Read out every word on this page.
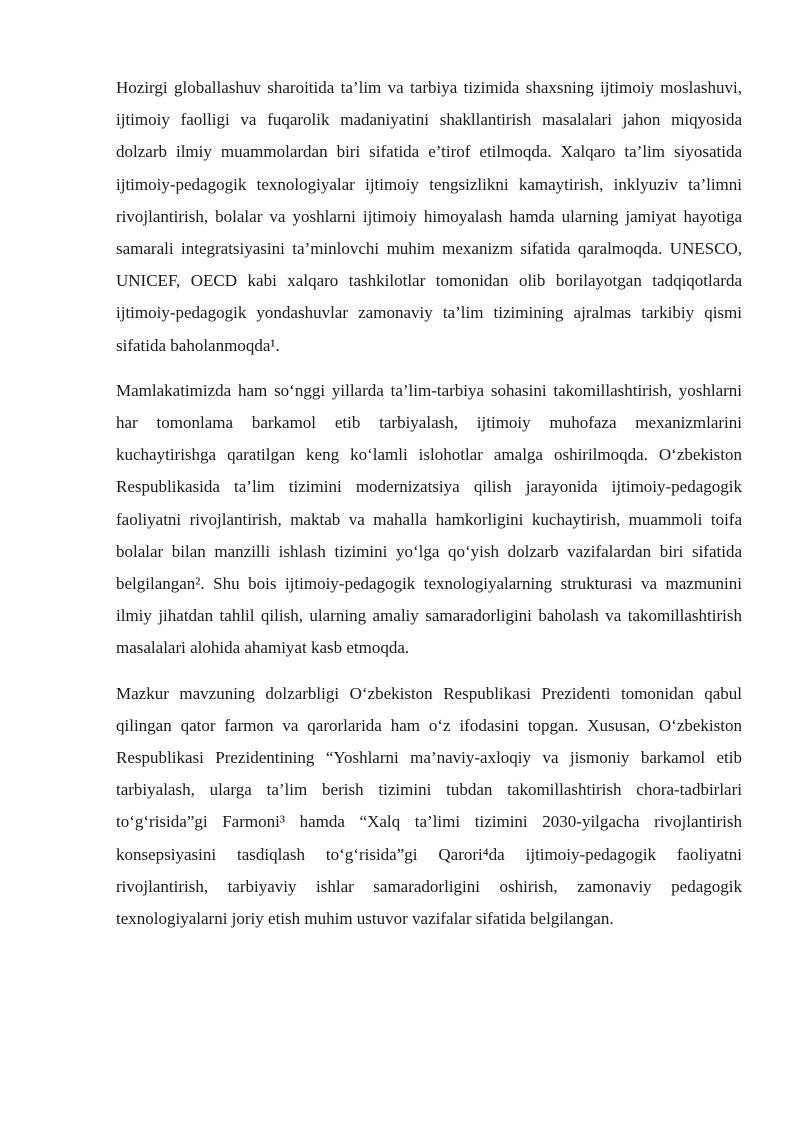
Hozirgi globallashuv sharoitida ta’lim va tarbiya tizimida shaxsning ijtimoiy moslashuvi, ijtimoiy faolligi va fuqarolik madaniyatini shakllantirish masalalari jahon miqyosida dolzarb ilmiy muammolardan biri sifatida e’tirof etilmoqda. Xalqaro ta’lim siyosatida ijtimoiy-pedagogik texnologiyalar ijtimoiy tengsizlikni kamaytirish, inklyuziv ta’limni rivojlantirish, bolalar va yoshlarni ijtimoiy himoyalash hamda ularning jamiyat hayotiga samarali integratsiyasini ta’minlovchi muhim mexanizm sifatida qaralmoqda. UNESCO, UNICEF, OECD kabi xalqaro tashkilotlar tomonidan olib borilayotgan tadqiqotlarda ijtimoiy-pedagogik yondashuvlar zamonaviy ta’lim tizimining ajralmas tarkibiy qismi sifatida baholanmoqda¹.

Mamlakatimizda ham so‘nggi yillarda ta’lim-tarbiya sohasini takomillashtirish, yoshlarni har tomonlama barkamol etib tarbiyalash, ijtimoiy muhofaza mexanizmlarini kuchaytirishga qaratilgan keng ko‘lamli islohotlar amalga oshirilmoqda. O‘zbekiston Respublikasida ta’lim tizimini modernizatsiya qilish jarayonida ijtimoiy-pedagogik faoliyatni rivojlantirish, maktab va mahalla hamkorligini kuchaytirish, muammoli toifa bolalar bilan manzilli ishlash tizimini yo‘lga qo‘yish dolzarb vazifalardan biri sifatida belgilangan². Shu bois ijtimoiy-pedagogik texnologiyalarning strukturasi va mazmunini ilmiy jihatdan tahlil qilish, ularning amaliy samaradorligini baholash va takomillashtirish masalalari alohida ahamiyat kasb etmoqda.

Mazkur mavzuning dolzarbligi O‘zbekiston Respublikasi Prezidenti tomonidan qabul qilingan qator farmon va qarorlarida ham o‘z ifodasini topgan. Xususan, O‘zbekiston Respublikasi Prezidentining “Yoshlarni ma’naviy-axloqiy va jismoniy barkamol etib tarbiyalash, ularga ta’lim berish tizimini tubdan takomillashtirish chora-tadbirlari to‘g‘risida”gi Farmoni³ hamda “Xalq ta’limi tizimini 2030-yilgacha rivojlantirish konsepsiyasini tasdiqlash to‘g‘risida”gi Qarori⁴da ijtimoiy-pedagogik faoliyatni rivojlantirish, tarbiyaviy ishlar samaradorligini oshirish, zamonaviy pedagogik texnologiyalarni joriy etish muhim ustuvor vazifalar sifatida belgilangan.
